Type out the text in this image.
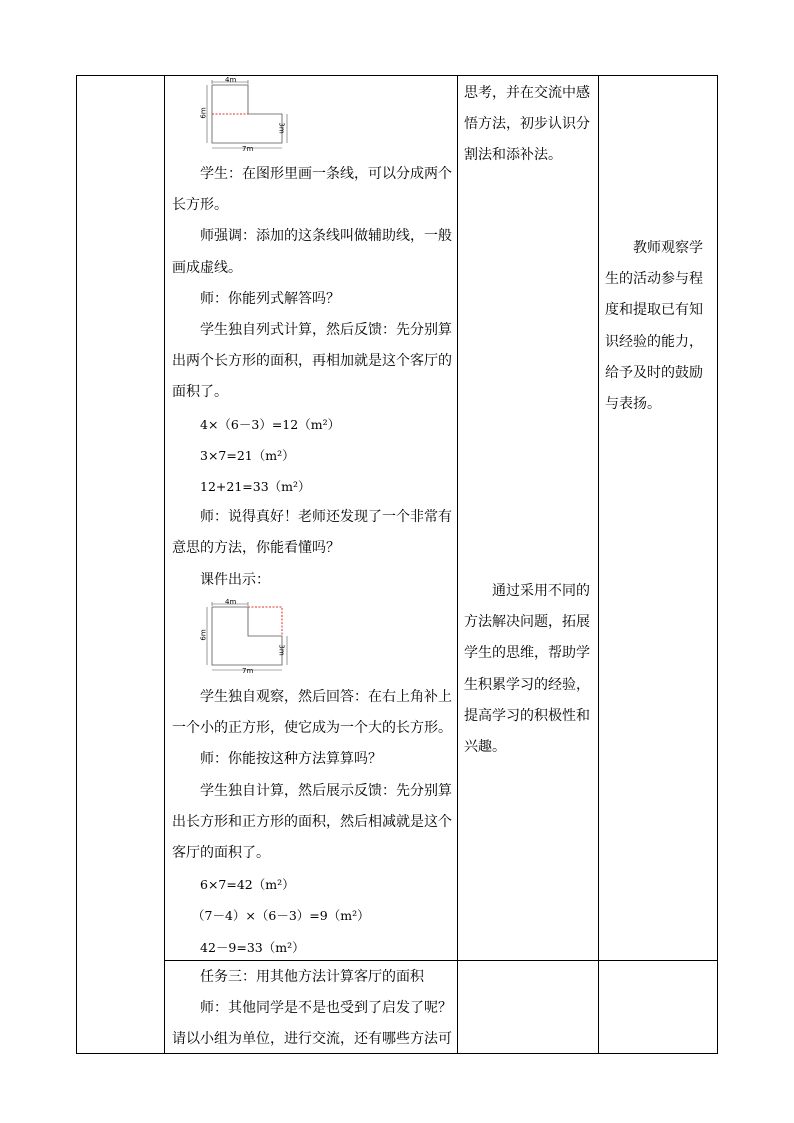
4m
6m
3m
7m
4m
6m
3m
7m

学生：在图形里画一条线，可以分成两个

长方形。

师强调：添加的这条线叫做辅助线，一般

画成虚线。

师：你能列式解答吗？

学生独自列式计算，然后反馈：先分别算

出两个长方形的面积，再相加就是这个客厅的

面积了。

4×（6－3）=12（m²）

3×7=21（m²）

12+21=33（m²）

师：说得真好！老师还发现了一个非常有

意思的方法，你能看懂吗？

课件出示：

学生独自观察，然后回答：在右上角补上

一个小的正方形，使它成为一个大的长方形。

师：你能按这种方法算算吗？

学生独自计算，然后展示反馈：先分别算

出长方形和正方形的面积，然后相减就是这个

客厅的面积了。

6×7=42（m²）

（7－4）×（6－3）=9（m²）

42－9=33（m²）

任务三：用其他方法计算客厅的面积

师：其他同学是不是也受到了启发了呢？

请以小组为单位，进行交流，还有哪些方法可

思考，并在交流中感

悟方法，初步认识分

割法和添补法。

通过采用不同的

方法解决问题，拓展

学生的思维，帮助学

生积累学习的经验，

提高学习的积极性和

兴趣。

教师观察学

生的活动参与程

度和提取已有知

识经验的能力，

给予及时的鼓励

与表扬。
